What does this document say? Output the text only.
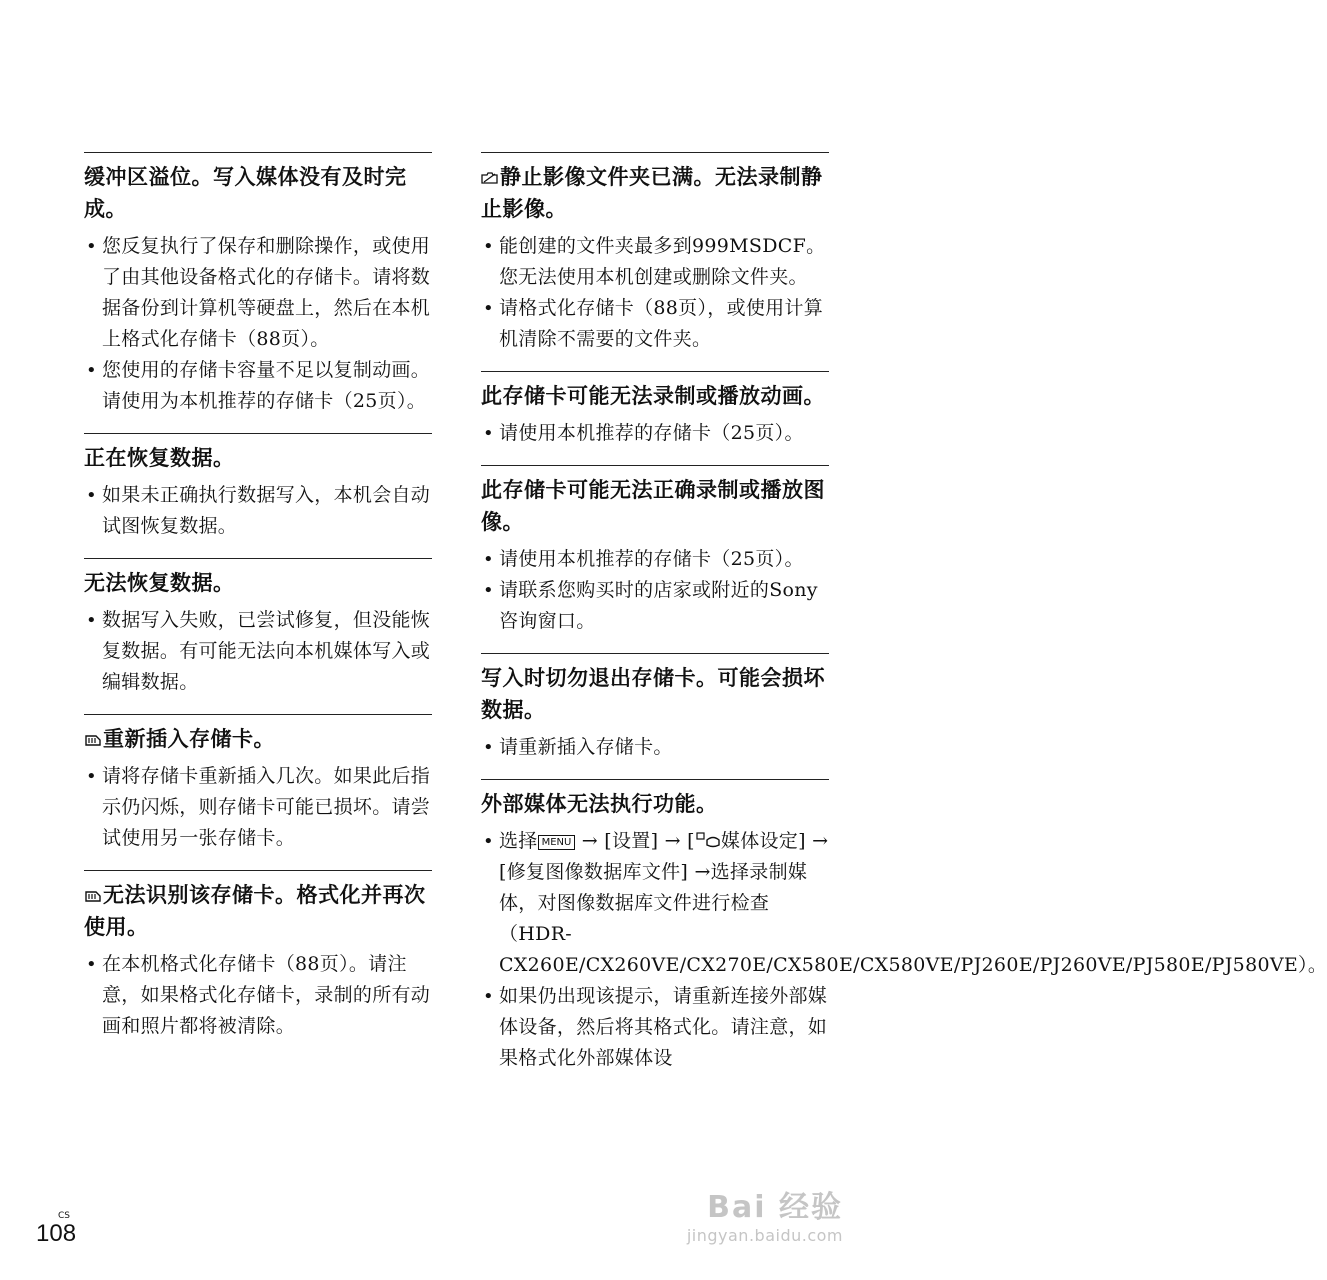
缓冲区溢位。写入媒体没有及时完成。
• 您反复执行了保存和删除操作，或使用了由其他设备格式化的存储卡。请将数据备份到计算机等硬盘上，然后在本机上格式化存储卡（88页）。
• 您使用的存储卡容量不足以复制动画。请使用为本机推荐的存储卡（25页）。
正在恢复数据。
• 如果未正确执行数据写入，本机会自动试图恢复数据。
无法恢复数据。
• 数据写入失败，已尝试修复，但没能恢复数据。有可能无法向本机媒体写入或编辑数据。
重新插入存储卡。
• 请将存储卡重新插入几次。如果此后指示仍闪烁，则存储卡可能已损坏。请尝试使用另一张存储卡。
无法识别该存储卡。格式化并再次使用。
• 在本机格式化存储卡（88页）。请注意，如果格式化存储卡，录制的所有动画和照片都将被清除。
静止影像文件夹已满。无法录制静止影像。
• 能创建的文件夹最多到999MSDCF。您无法使用本机创建或删除文件夹。
• 请格式化存储卡（88页），或使用计算机清除不需要的文件夹。
此存储卡可能无法录制或播放动画。
• 请使用本机推荐的存储卡（25页）。
此存储卡可能无法正确录制或播放图像。
• 请使用本机推荐的存储卡（25页）。
• 请联系您购买时的店家或附近的Sony咨询窗口。
写入时切勿退出存储卡。可能会损坏数据。
• 请重新插入存储卡。
外部媒体无法执行功能。
• 选择 MENU → [设置] → [ 媒体设定] → [修复图像数据库文件] →选择录制媒体，对图像数据库文件进行检查（HDR-CX260E/CX260VE/CX270E/CX580E/CX580VE/PJ260E/PJ260VE/PJ580E/PJ580VE）。
• 如果仍出现该提示，请重新连接外部媒体设备，然后将其格式化。请注意，如果格式化外部媒体设
CS
108
Bai 经验
jingyan.baidu.com
